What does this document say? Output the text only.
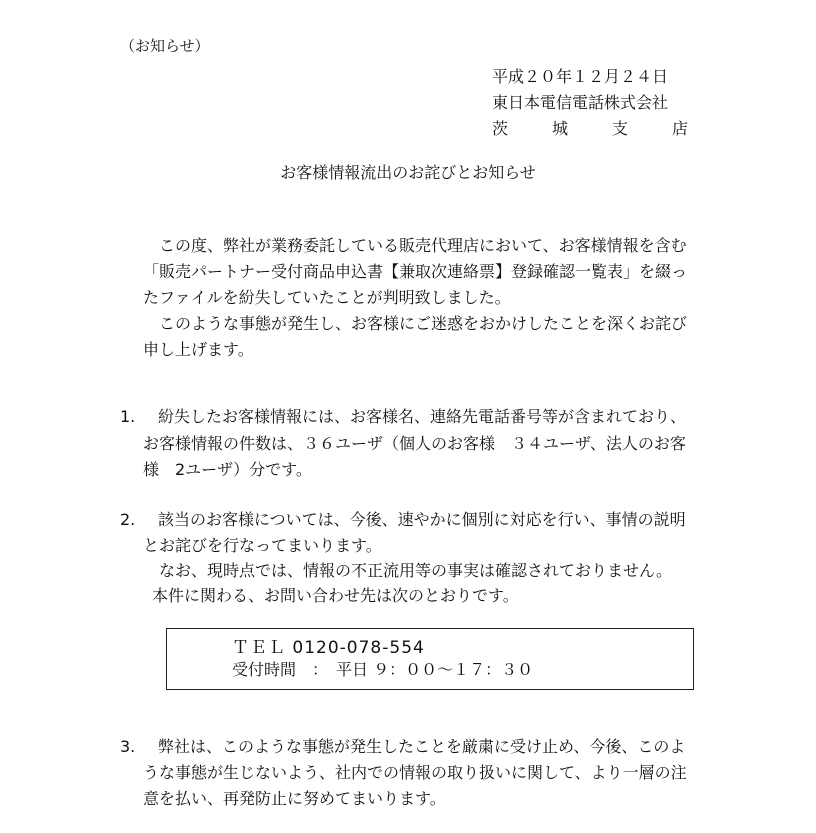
（お知らせ）
平成２０年１２月２４日
東日本電信電話株式会社
茨　城　支　店
お客様情報流出のお詫びとお知らせ
　この度、弊社が業務委託している販売代理店において、お客様情報を含む
「販売パートナー受付商品申込書【兼取次連絡票】登録確認一覧表」を綴っ
たファイルを紛失していたことが判明致しました。
　このような事態が発生し、お客様にご迷惑をおかけしたことを深くお詫び
申し上げます。
1. 紛失したお客様情報には、お客様名、連絡先電話番号等が含まれており、
お客様情報の件数は、３６ユーザ（個人のお客様　３４ユーザ、法人のお客
様　2ユーザ）分です。
2. 該当のお客様については、今後、速やかに個別に対応を行い、事情の説明
とお詫びを行なってまいります。
　なお、現時点では、情報の不正流用等の事実は確認されておりません。
本件に関わる、お問い合わせ先は次のとおりです。
ＴＥＬ 0120-078-554
受付時間　：　平日 ９：００～１７：３０
3. 弊社は、このような事態が発生したことを厳粛に受け止め、今後、このよ
うな事態が生じないよう、社内での情報の取り扱いに関して、より一層の注
意を払い、再発防止に努めてまいります。
